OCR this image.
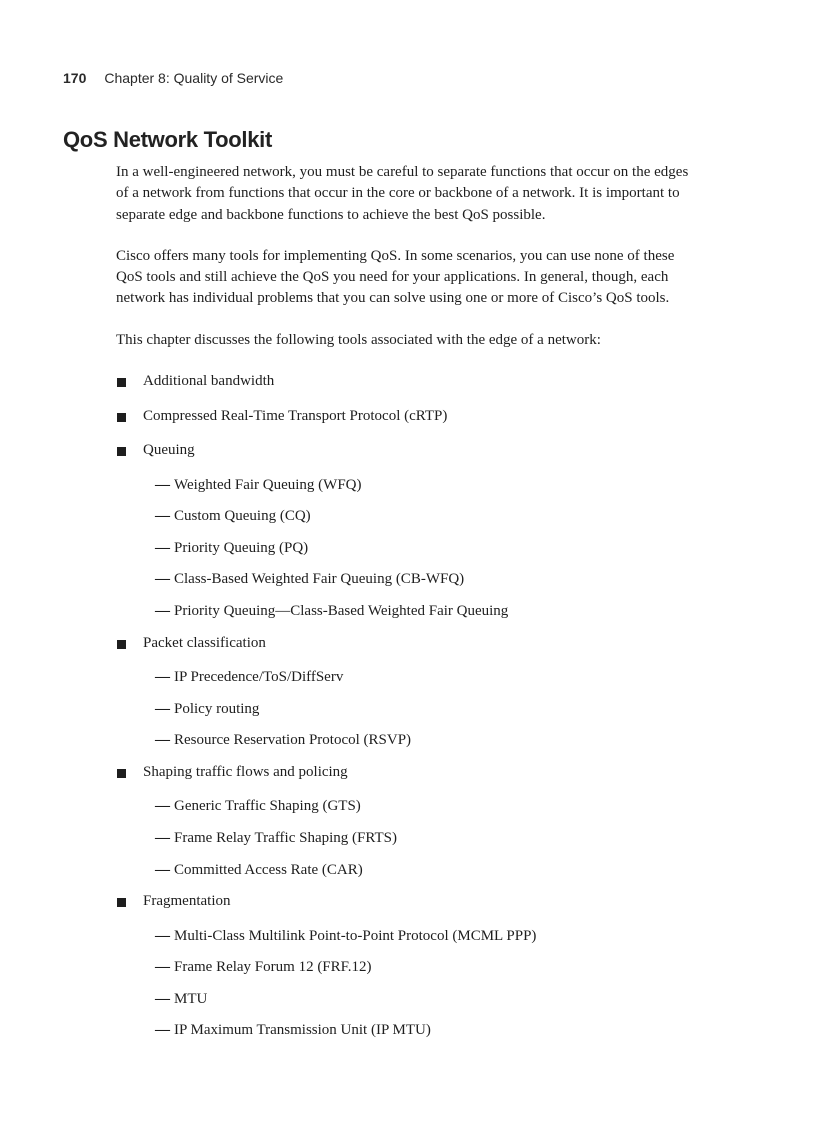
170 Chapter 8: Quality of Service
QoS Network Toolkit

In a well-engineered network, you must be careful to separate functions that occur on the edges of a network from functions that occur in the core or backbone of a network. It is important to separate edge and backbone functions to achieve the best QoS possible.

Cisco offers many tools for implementing QoS. In some scenarios, you can use none of these QoS tools and still achieve the QoS you need for your applications. In general, though, each network has individual problems that you can solve using one or more of Cisco’s QoS tools.

This chapter discusses the following tools associated with the edge of a network:

Additional bandwidth
Compressed Real-Time Transport Protocol (cRTP)
Queuing
— Weighted Fair Queuing (WFQ)
— Custom Queuing (CQ)
— Priority Queuing (PQ)
— Class-Based Weighted Fair Queuing (CB-WFQ)
— Priority Queuing—Class-Based Weighted Fair Queuing
Packet classification
— IP Precedence/ToS/DiffServ
— Policy routing
— Resource Reservation Protocol (RSVP)
Shaping traffic flows and policing
— Generic Traffic Shaping (GTS)
— Frame Relay Traffic Shaping (FRTS)
— Committed Access Rate (CAR)
Fragmentation
— Multi-Class Multilink Point-to-Point Protocol (MCML PPP)
— Frame Relay Forum 12 (FRF.12)
— MTU
— IP Maximum Transmission Unit (IP MTU)
